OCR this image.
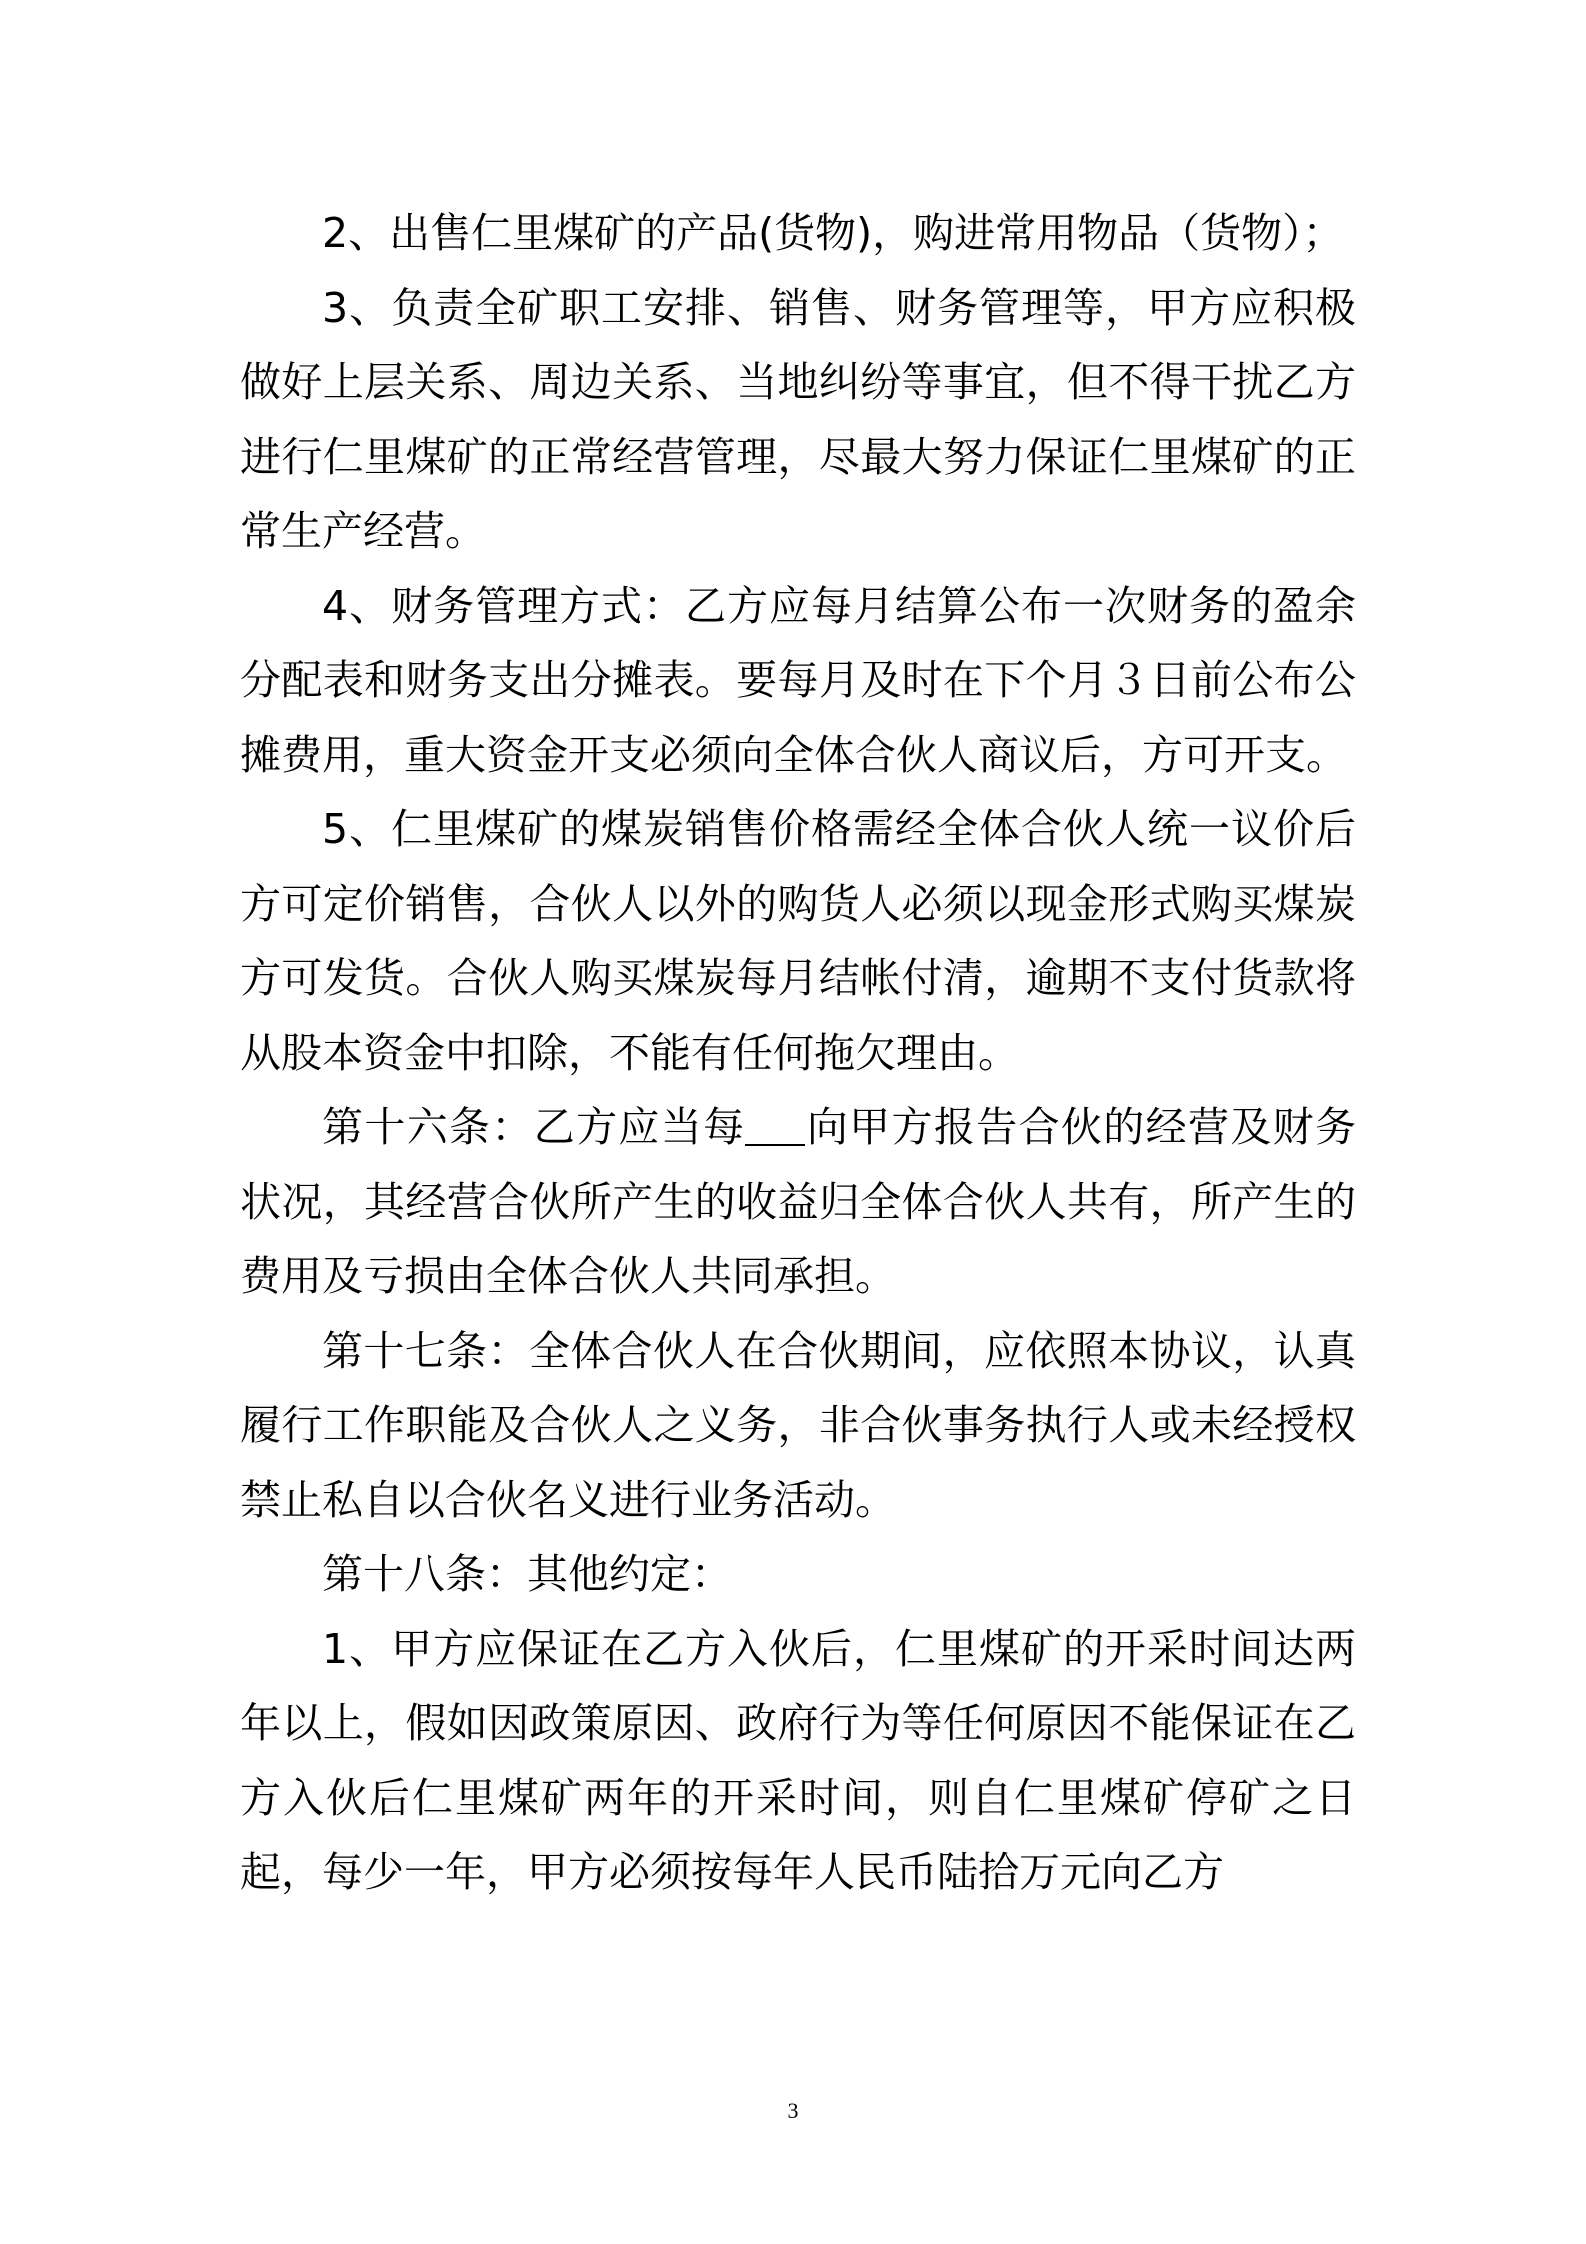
2、出售仁里煤矿的产品(货物)，购进常用物品（货物）；

3、负责全矿职工安排、销售、财务管理等，甲方应积极做好上层关系、周边关系、当地纠纷等事宜，但不得干扰乙方进行仁里煤矿的正常经营管理，尽最大努力保证仁里煤矿的正常生产经营。

4、财务管理方式：乙方应每月结算公布一次财务的盈余分配表和财务支出分摊表。要每月及时在下个月３日前公布公摊费用，重大资金开支必须向全体合伙人商议后，方可开支。

5、仁里煤矿的煤炭销售价格需经全体合伙人统一议价后方可定价销售，合伙人以外的购货人必须以现金形式购买煤炭方可发货。合伙人购买煤炭每月结帐付清，逾期不支付货款将从股本资金中扣除，不能有任何拖欠理由。

第十六条：乙方应当每 向甲方报告合伙的经营及财务状况，其经营合伙所产生的收益归全体合伙人共有，所产生的费用及亏损由全体合伙人共同承担。

第十七条：全体合伙人在合伙期间，应依照本协议，认真履行工作职能及合伙人之义务，非合伙事务执行人或未经授权禁止私自以合伙名义进行业务活动。

第十八条：其他约定：

1、甲方应保证在乙方入伙后，仁里煤矿的开采时间达两年以上，假如因政策原因、政府行为等任何原因不能保证在乙方入伙后仁里煤矿两年的开采时间，则自仁里煤矿停矿之日起，每少一年，甲方必须按每年人民币陆拾万元向乙方

3
